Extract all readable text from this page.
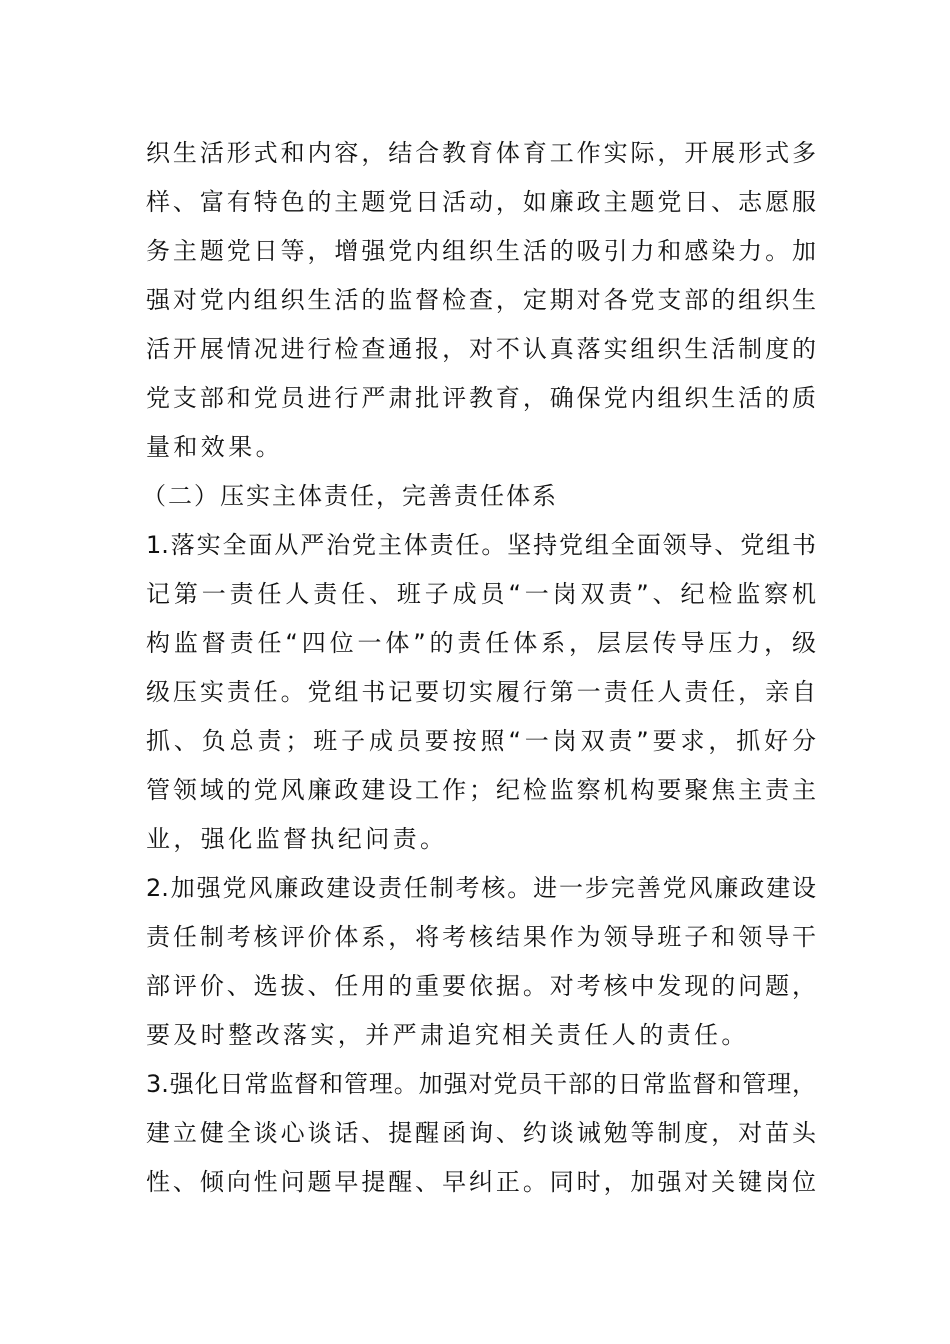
织生活形式和内容，结合教育体育工作实际，开展形式多
样、富有特色的主题党日活动，如廉政主题党日、志愿服
务主题党日等，增强党内组织生活的吸引力和感染力。加
强对党内组织生活的监督检查，定期对各党支部的组织生
活开展情况进行检查通报，对不认真落实组织生活制度的
党支部和党员进行严肃批评教育，确保党内组织生活的质
量和效果。
（二）压实主体责任，完善责任体系
1.落实全面从严治党主体责任。坚持党组全面领导、党组书
记第一责任人责任、班子成员“一岗双责”、纪检监察机
构监督责任“四位一体”的责任体系，层层传导压力，级
级压实责任。党组书记要切实履行第一责任人责任，亲自
抓、负总责；班子成员要按照“一岗双责”要求，抓好分
管领域的党风廉政建设工作；纪检监察机构要聚焦主责主
业，强化监督执纪问责。
2.加强党风廉政建设责任制考核。进一步完善党风廉政建设
责任制考核评价体系，将考核结果作为领导班子和领导干
部评价、选拔、任用的重要依据。对考核中发现的问题，
要及时整改落实，并严肃追究相关责任人的责任。
3.强化日常监督和管理。加强对党员干部的日常监督和管理，
建立健全谈心谈话、提醒函询、约谈诫勉等制度，对苗头
性、倾向性问题早提醒、早纠正。同时，加强对关键岗位
